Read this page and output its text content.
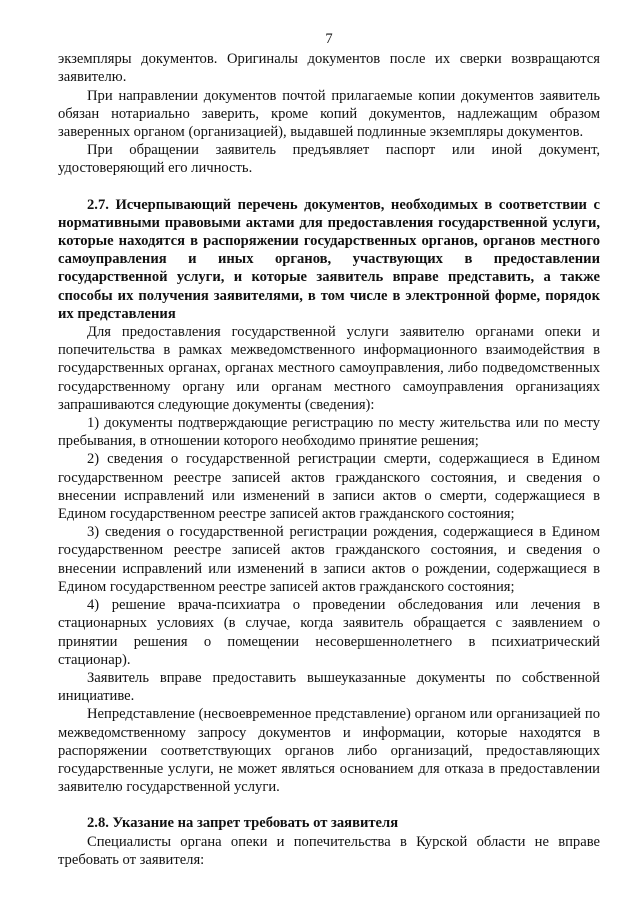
7

экземпляры документов. Оригиналы документов после их сверки возвращаются заявителю.

При направлении документов почтой прилагаемые копии документов заявитель обязан нотариально заверить, кроме копий документов, надлежащим образом заверенных органом (организацией), выдавшей подлинные экземпляры документов.

При обращении заявитель предъявляет паспорт или иной документ, удостоверяющий его личность.

2.7. Исчерпывающий перечень документов, необходимых в соответствии с нормативными правовыми актами для предоставления государственной услуги, которые находятся в распоряжении государственных органов, органов местного самоуправления и иных органов, участвующих в предоставлении государственной услуги, и которые заявитель вправе представить, а также способы их получения заявителями, в том числе в электронной форме, порядок их представления

Для предоставления государственной услуги заявителю органами опеки и попечительства в рамках межведомственного информационного взаимодействия в государственных органах, органах местного самоуправления, либо подведомственных государственному органу или органам местного самоуправления организациях запрашиваются следующие документы (сведения):

1) документы подтверждающие регистрацию по месту жительства или по месту пребывания, в отношении которого необходимо принятие решения;

2) сведения о государственной регистрации смерти, содержащиеся в Едином государственном реестре записей актов гражданского состояния, и сведения о внесении исправлений или изменений в записи актов о смерти, содержащиеся в Едином государственном реестре записей актов гражданского состояния;

3) сведения о государственной регистрации рождения, содержащиеся в Едином государственном реестре записей актов гражданского состояния, и сведения о внесении исправлений или изменений в записи актов о рождении, содержащиеся в Едином государственном реестре записей актов гражданского состояния;

4) решение врача-психиатра о проведении обследования или лечения в стационарных условиях (в случае, когда заявитель обращается с заявлением о принятии решения о помещении несовершеннолетнего в психиатрический стационар).

Заявитель вправе предоставить вышеуказанные документы по собственной инициативе.

Непредставление (несвоевременное представление) органом или организацией по межведомственному запросу документов и информации, которые находятся в распоряжении соответствующих органов либо организаций, предоставляющих государственные услуги, не может являться основанием для отказа в предоставлении заявителю государственной услуги.

2.8. Указание на запрет требовать от заявителя

Специалисты органа опеки и попечительства в Курской области не вправе требовать от заявителя:
